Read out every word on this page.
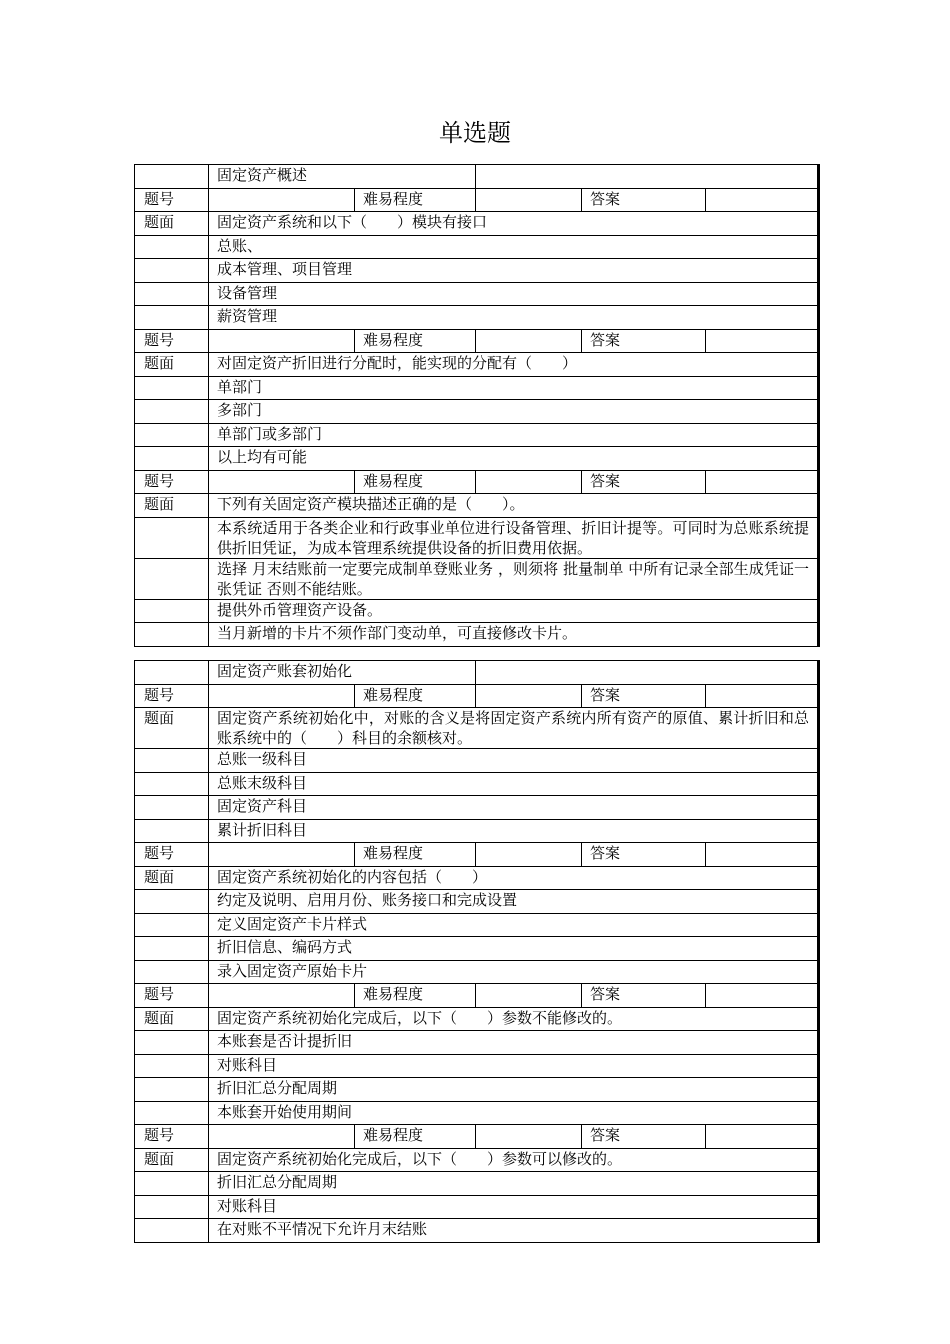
单选题
	固定资产概述				
题号		难易程度		答案	
题面	固定资产系统和以下（　　）模块有接口				
	总账、				
	成本管理、项目管理				
	设备管理				
	薪资管理				
题号		难易程度		答案	
题面	对固定资产折旧进行分配时，能实现的分配有（　　）				
	单部门				
	多部门				
	单部门或多部门				
	以上均有可能				
题号		难易程度		答案	
题面	下列有关固定资产模块描述正确的是（　　）。				
	本系统适用于各类企业和行政事业单位进行设备管理、折旧计提等。可同时为总账系统提供折旧凭证，为成本管理系统提供设备的折旧费用依据。				
	选择 月末结账前一定要完成制单登账业务 ，则须将 批量制单 中所有记录全部生成凭证一张凭证 否则不能结账。				
	提供外币管理资产设备。				
	当月新增的卡片不须作部门变动单，可直接修改卡片。				
	固定资产账套初始化				
题号		难易程度		答案	
题面	固定资产系统初始化中，对账的含义是将固定资产系统内所有资产的原值、累计折旧和总账系统中的（　　）科目的余额核对。				
	总账一级科目				
	总账末级科目				
	固定资产科目				
	累计折旧科目				
题号		难易程度		答案	
题面	固定资产系统初始化的内容包括（　　）				
	约定及说明、启用月份、账务接口和完成设置				
	定义固定资产卡片样式				
	折旧信息、编码方式				
	录入固定资产原始卡片				
题号		难易程度		答案	
题面	固定资产系统初始化完成后，以下（　　）参数不能修改的。				
	本账套是否计提折旧				
	对账科目				
	折旧汇总分配周期				
	本账套开始使用期间				
题号		难易程度		答案	
题面	固定资产系统初始化完成后，以下（　　）参数可以修改的。				
	折旧汇总分配周期				
	对账科目				
	在对账不平情况下允许月末结账				
